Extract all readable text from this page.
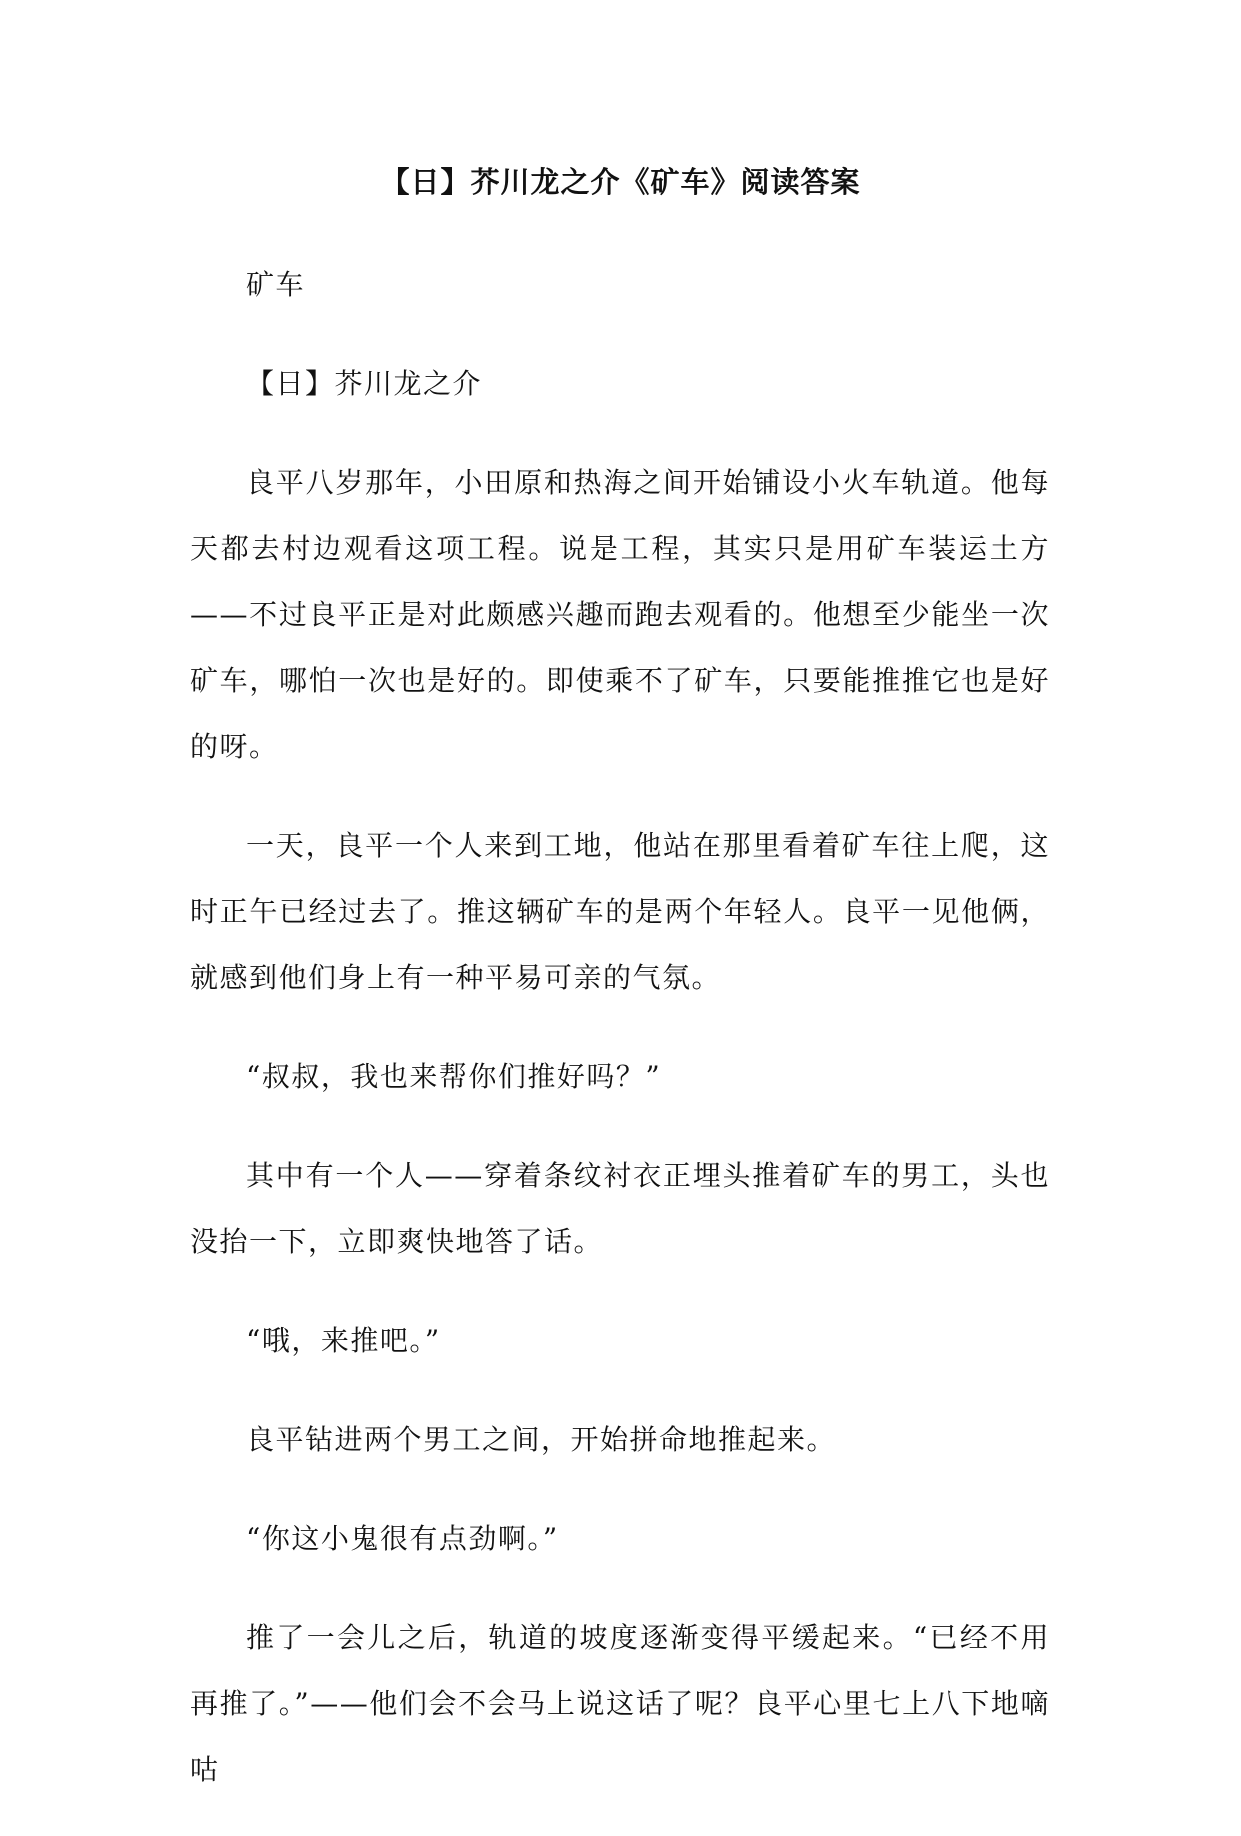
【日】芥川龙之介《矿车》阅读答案

矿车

【日】芥川龙之介

良平八岁那年，小田原和热海之间开始铺设小火车轨道。他每天都去村边观看这项工程。说是工程，其实只是用矿车装运土方——不过良平正是对此颇感兴趣而跑去观看的。他想至少能坐一次矿车，哪怕一次也是好的。即使乘不了矿车，只要能推推它也是好的呀。

一天，良平一个人来到工地，他站在那里看着矿车往上爬，这时正午已经过去了。推这辆矿车的是两个年轻人。良平一见他俩，就感到他们身上有一种平易可亲的气氛。

“叔叔，我也来帮你们推好吗？”

其中有一个人——穿着条纹衬衣正埋头推着矿车的男工，头也没抬一下，立即爽快地答了话。

“哦，来推吧。”

良平钻进两个男工之间，开始拼命地推起来。

“你这小鬼很有点劲啊。”

推了一会儿之后，轨道的坡度逐渐变得平缓起来。“已经不用再推了。”——他们会不会马上说这话了呢？良平心里七上八下地嘀咕
